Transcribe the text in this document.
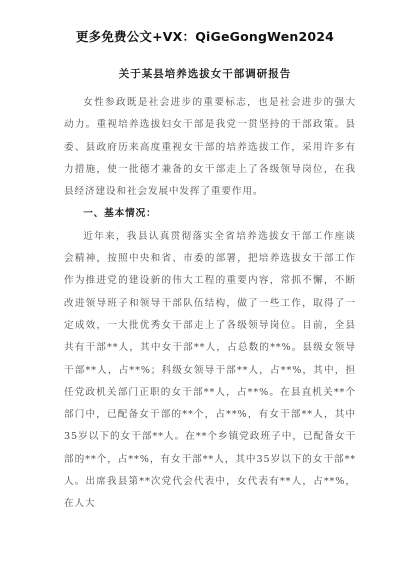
更多免费公文+VX：QiGeGongWen2024
关于某县培养选拔女干部调研报告

女性参政既是社会进步的重要标志，也是社会进步的强大动力。重视培养选拔妇女干部是我党一贯坚持的干部政策。县委、县政府历来高度重视女干部的培养选拔工作，采用许多有力措施，使一批德才兼备的女干部走上了各级领导岗位，在我县经济建设和社会发展中发挥了重要作用。

一、基本情况：

近年来，我县认真贯彻落实全省培养选拔女干部工作座谈会精神，按照中央和省、市委的部署，把培养选拔女干部工作作为推进党的建设新的伟大工程的重要内容，常抓不懈，不断改进领导班子和领导干部队伍结构，做了一些工作，取得了一定成效，一大批优秀女干部走上了各级领导岗位。目前，全县共有干部**人，其中女干部**人，占总数的**%。县级女领导干部**人，占**%；科级女领导干部**人，占**%，其中，担任党政机关部门正职的女干部**人，占**%。在县直机关**个部门中，已配备女干部的**个，占**%，有女干部**人，其中35岁以下的女干部**人。在**个乡镇党政班子中，已配备女干部的**个，占**%，有女干部**人，其中35岁以下的女干部**人。出席我县第**次党代会代表中，女代表有**人，占**%，在人大
